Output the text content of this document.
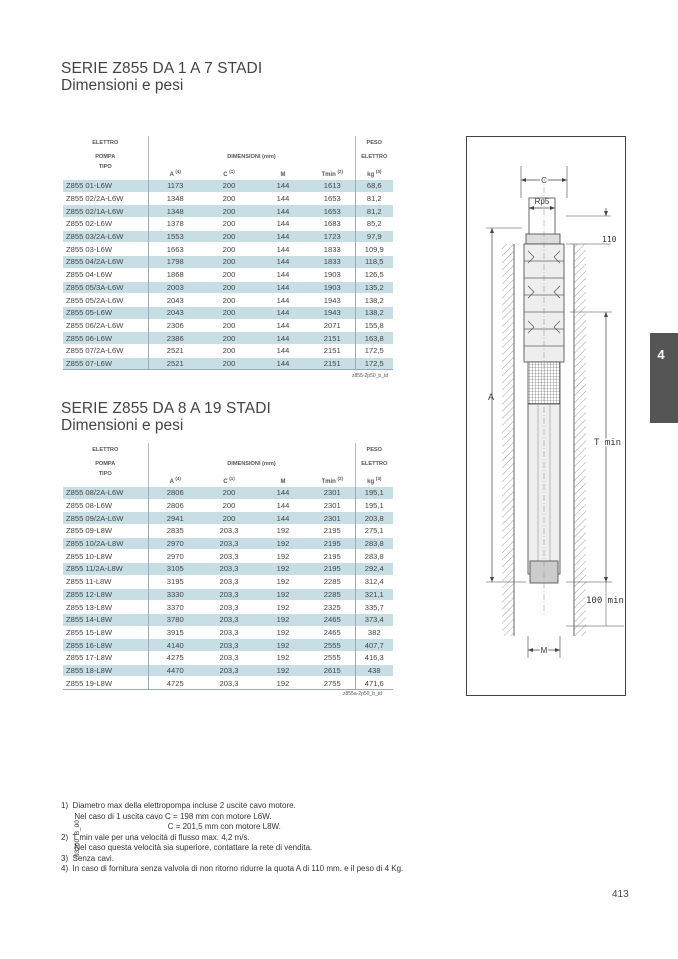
SERIE Z855 DA 1 A 7 STADI
Dimensioni e pesi
ELETTRO					PESO
POMPA	DIMENSIONI (mm)				ELETTRO
TIPO	A $^{(4)}$	C $^{(1)}$	M	Tmin $^{(2)}$	kg $^{(3)}$
Z855 01-L6W	1173	200	144	1613	68,6
Z855 02/2A-L6W	1348	200	144	1653	81,2
Z855 02/1A-L6W	1348	200	144	1653	81,2
Z855 02-L6W	1378	200	144	1683	85,2
Z855 03/2A-L6W	1553	200	144	1723	97,9
Z855 03-L6W	1663	200	144	1833	109,9
Z855 04/2A-L6W	1798	200	144	1833	118,5
Z855 04-L6W	1868	200	144	1903	126,5
Z855 05/3A-L6W	2003	200	144	1903	135,2
Z855 05/2A-L6W	2043	200	144	1943	138,2
Z855 05-L6W	2043	200	144	1943	138,2
Z855 06/2A-L6W	2306	200	144	2071	155,8
Z855 06-L6W	2386	200	144	2151	163,8
Z855 07/2A-L6W	2521	200	144	2151	172,5
Z855 07-L6W	2521	200	144	2151	172,5
z855-2p50_b_td
SERIE Z855 DA 8 A 19 STADI
Dimensioni e pesi
ELETTRO					PESO
POMPA	DIMENSIONI (mm)				ELETTRO
TIPO	A $^{(4)}$	C $^{(1)}$	M	Tmin $^{(2)}$	kg $^{(3)}$
Z855 08/2A-L6W	2806	200	144	2301	195,1
Z855 08-L6W	2806	200	144	2301	195,1
Z855 09/2A-L6W	2941	200	144	2301	203,8
Z855 09-L8W	2835	203,3	192	2195	275,1
Z855 10/2A-L8W	2970	203,3	192	2195	283,8
Z855 10-L8W	2970	203,3	192	2195	283,8
Z855 11/2A-L8W	3105	203,3	192	2195	292,4
Z855 11-L8W	3195	203,3	192	2285	312,4
Z855 12-L8W	3330	203,3	192	2285	321,1
Z855 13-L8W	3370	203,3	192	2325	335,7
Z855 14-L8W	3780	203,3	192	2465	373,4
Z855 15-L8W	3915	203,3	192	2465	382
Z855 16-L8W	4140	203,3	192	2555	407,7
Z855 17-L8W	4275	203,3	192	2555	416,3
Z855 18-L8W	4470	203,3	192	2615	438
Z855 19-L8W	4725	203,3	192	2755	471,6
z855a-2p50_b_td
C
Rp5
110
A
T min
100 min
M
03700_B_00
1)  Diametro max della elettropompa incluse 2 uscite cavo motore.
Nel caso di 1 uscita cavo C = 198 mm con motore L6W.
C = 201,5 mm con motore L8W.
2)  T min vale per una velocità di flusso max. 4,2 m/s.
Nel caso questa velocità sia superiore, contattare la rete di vendita.
3)  Senza cavi.
4)  In caso di fornitura senza valvola di non ritorno ridurre la quota A di 110 mm. e il peso di 4 Kg.
4
413
